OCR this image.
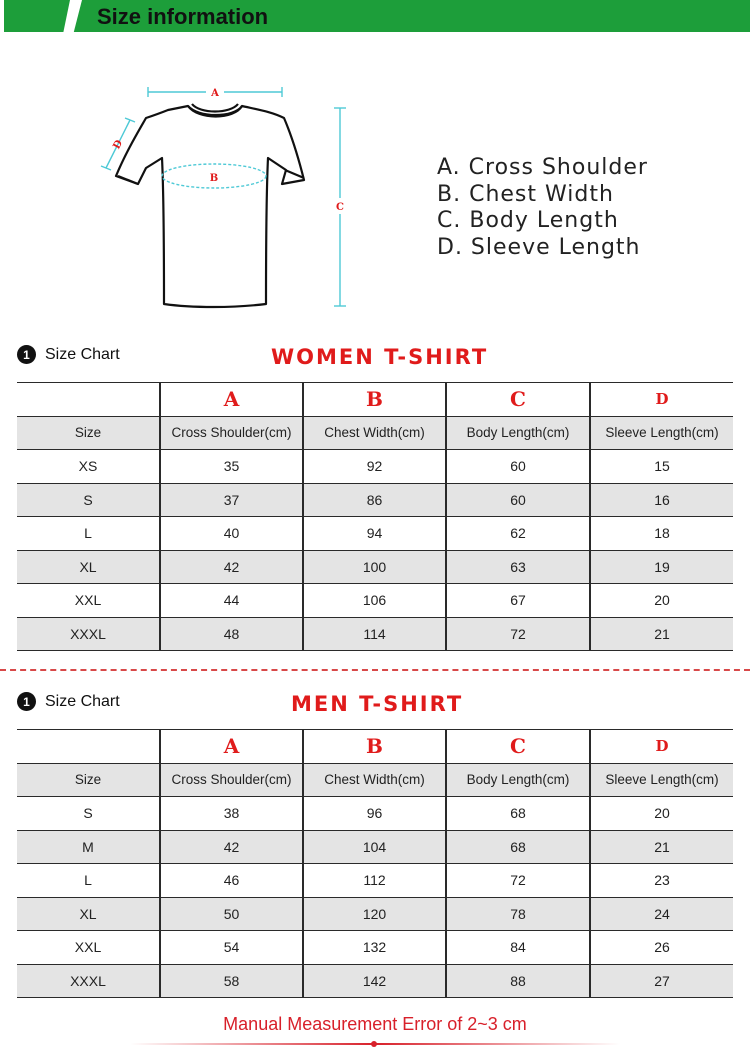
Size information
A
B
C
D
A. Cross Shoulder
B. Chest Width
C. Body Length
D. Sleeve Length
1 Size Chart	WOMEN T-SHIRT
	A	B	C	D
Size	Cross Shoulder(cm)	Chest Width(cm)	Body Length(cm)	Sleeve Length(cm)
XS	35	92	60	15
S	37	86	60	16
L	40	94	62	18
XL	42	100	63	19
XXL	44	106	67	20
XXXL	48	114	72	21
1 Size Chart	MEN T-SHIRT
	A	B	C	D
Size	Cross Shoulder(cm)	Chest Width(cm)	Body Length(cm)	Sleeve Length(cm)
S	38	96	68	20
M	42	104	68	21
L	46	112	72	23
XL	50	120	78	24
XXL	54	132	84	26
XXXL	58	142	88	27
Manual Measurement Error of 2~3 cm
